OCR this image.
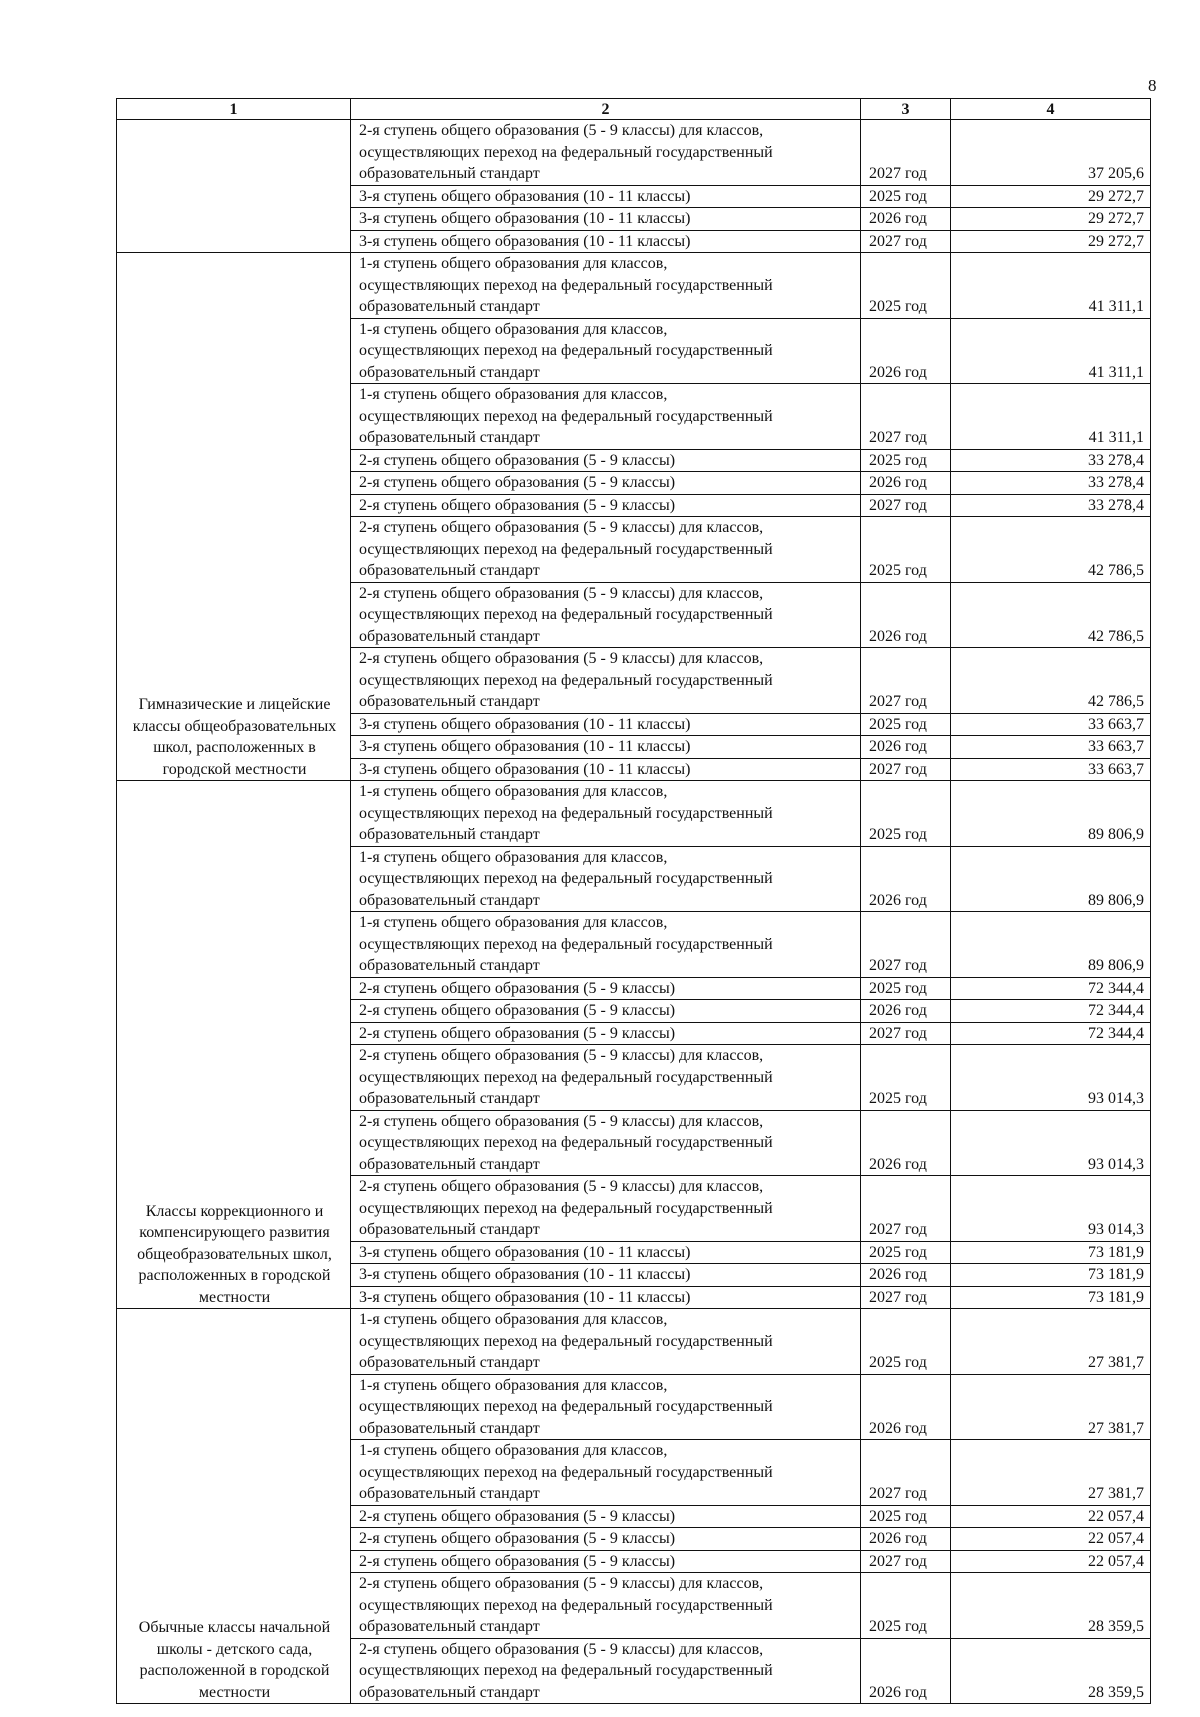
8
1	2	3	4
	2-я ступень общего образования (5 - 9 классы) для классов,
осуществляющих переход на федеральный государственный
образовательный стандарт	2027 год	37 205,6
	3-я ступень общего образования (10 - 11 классы)	2025 год	29 272,7
	3-я ступень общего образования (10 - 11 классы)	2026 год	29 272,7
	3-я ступень общего образования (10 - 11 классы)	2027 год	29 272,7
Гимназические и лицейские классы общеобразовательных школ, расположенных в городской местности	1-я ступень общего образования для классов,
осуществляющих переход на федеральный государственный
образовательный стандарт	2025 год	41 311,1
	1-я ступень общего образования для классов,
осуществляющих переход на федеральный государственный
образовательный стандарт	2026 год	41 311,1
	1-я ступень общего образования для классов,
осуществляющих переход на федеральный государственный
образовательный стандарт	2027 год	41 311,1
	2-я ступень общего образования (5 - 9 классы)	2025 год	33 278,4
	2-я ступень общего образования (5 - 9 классы)	2026 год	33 278,4
	2-я ступень общего образования (5 - 9 классы)	2027 год	33 278,4
	2-я ступень общего образования (5 - 9 классы) для классов,
осуществляющих переход на федеральный государственный
образовательный стандарт	2025 год	42 786,5
	2-я ступень общего образования (5 - 9 классы) для классов,
осуществляющих переход на федеральный государственный
образовательный стандарт	2026 год	42 786,5
	2-я ступень общего образования (5 - 9 классы) для классов,
осуществляющих переход на федеральный государственный
образовательный стандарт	2027 год	42 786,5
	3-я ступень общего образования (10 - 11 классы)	2025 год	33 663,7
	3-я ступень общего образования (10 - 11 классы)	2026 год	33 663,7
	3-я ступень общего образования (10 - 11 классы)	2027 год	33 663,7
Классы коррекционного и компенсирующего развития общеобразовательных школ, расположенных в городской местности	1-я ступень общего образования для классов,
осуществляющих переход на федеральный государственный
образовательный стандарт	2025 год	89 806,9
	1-я ступень общего образования для классов,
осуществляющих переход на федеральный государственный
образовательный стандарт	2026 год	89 806,9
	1-я ступень общего образования для классов,
осуществляющих переход на федеральный государственный
образовательный стандарт	2027 год	89 806,9
	2-я ступень общего образования (5 - 9 классы)	2025 год	72 344,4
	2-я ступень общего образования (5 - 9 классы)	2026 год	72 344,4
	2-я ступень общего образования (5 - 9 классы)	2027 год	72 344,4
	2-я ступень общего образования (5 - 9 классы) для классов,
осуществляющих переход на федеральный государственный
образовательный стандарт	2025 год	93 014,3
	2-я ступень общего образования (5 - 9 классы) для классов,
осуществляющих переход на федеральный государственный
образовательный стандарт	2026 год	93 014,3
	2-я ступень общего образования (5 - 9 классы) для классов,
осуществляющих переход на федеральный государственный
образовательный стандарт	2027 год	93 014,3
	3-я ступень общего образования (10 - 11 классы)	2025 год	73 181,9
	3-я ступень общего образования (10 - 11 классы)	2026 год	73 181,9
	3-я ступень общего образования (10 - 11 классы)	2027 год	73 181,9
Обычные классы начальной школы - детского сада, расположенной в городской местности	1-я ступень общего образования для классов,
осуществляющих переход на федеральный государственный
образовательный стандарт	2025 год	27 381,7
	1-я ступень общего образования для классов,
осуществляющих переход на федеральный государственный
образовательный стандарт	2026 год	27 381,7
	1-я ступень общего образования для классов,
осуществляющих переход на федеральный государственный
образовательный стандарт	2027 год	27 381,7
	2-я ступень общего образования (5 - 9 классы)	2025 год	22 057,4
	2-я ступень общего образования (5 - 9 классы)	2026 год	22 057,4
	2-я ступень общего образования (5 - 9 классы)	2027 год	22 057,4
	2-я ступень общего образования (5 - 9 классы) для классов,
осуществляющих переход на федеральный государственный
образовательный стандарт	2025 год	28 359,5
	2-я ступень общего образования (5 - 9 классы) для классов,
осуществляющих переход на федеральный государственный
образовательный стандарт	2026 год	28 359,5
